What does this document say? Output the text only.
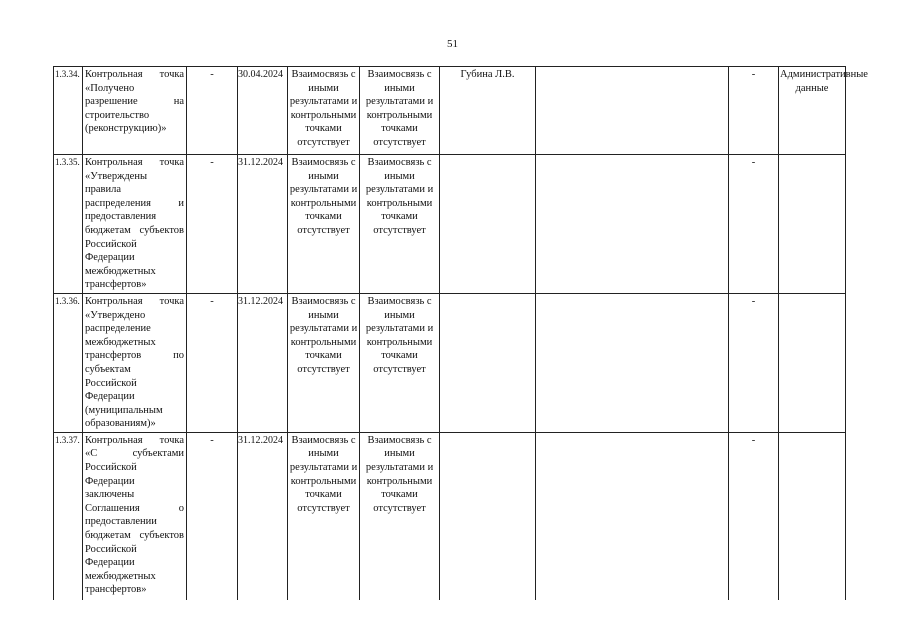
51
1.3.34.	Контрольная точка «Получено разрешение на строительство (реконструкцию)»	-	30.04.2024	Взаимосвязь с иными результатами и контрольными точками отсутствует	Взаимосвязь с иными результатами и контрольными точками отсутствует	Губина Л.В.		-	Административные данные
1.3.35.	Контрольная точка «Утверждены правила распределения и предоставления бюджетам субъектов Российской Федерации межбюджетных трансфертов»	-	31.12.2024	Взаимосвязь с иными результатами и контрольными точками отсутствует	Взаимосвязь с иными результатами и контрольными точками отсутствует			-	
1.3.36.	Контрольная точка «Утверждено распределение межбюджетных трансфертов по субъектам Российской Федерации (муниципальным образованиям)»	-	31.12.2024	Взаимосвязь с иными результатами и контрольными точками отсутствует	Взаимосвязь с иными результатами и контрольными точками отсутствует			-	
1.3.37.	Контрольная точка «С субъектами Российской Федерации заключены Соглашения о предоставлении бюджетам субъектов Российской Федерации межбюджетных трансфертов»	-	31.12.2024	Взаимосвязь с иными результатами и контрольными точками отсутствует	Взаимосвязь с иными результатами и контрольными точками отсутствует			-	
